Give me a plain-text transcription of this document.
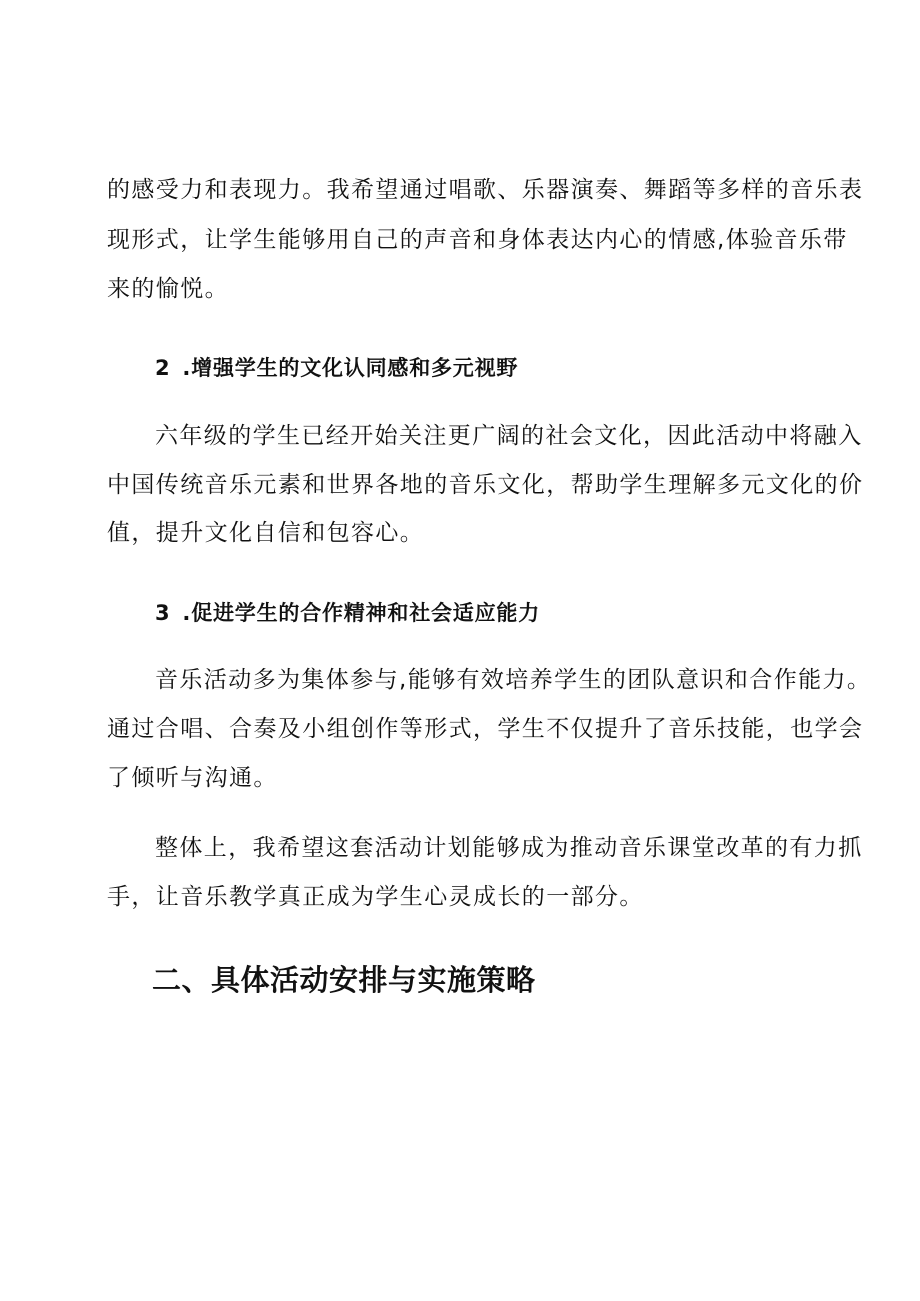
的感受力和表现力。我希望通过唱歌、乐器演奏、舞蹈等多样的音乐表
现形式，让学生能够用自己的声音和身体表达内心的情感,体验音乐带
来的愉悦。
2 .增强学生的文化认同感和多元视野
六年级的学生已经开始关注更广阔的社会文化，因此活动中将融入
中国传统音乐元素和世界各地的音乐文化，帮助学生理解多元文化的价
值，提升文化自信和包容心。
3 .促进学生的合作精神和社会适应能力
音乐活动多为集体参与,能够有效培养学生的团队意识和合作能力。
通过合唱、合奏及小组创作等形式，学生不仅提升了音乐技能，也学会
了倾听与沟通。
整体上，我希望这套活动计划能够成为推动音乐课堂改革的有力抓
手，让音乐教学真正成为学生心灵成长的一部分。
二、具体活动安排与实施策略
